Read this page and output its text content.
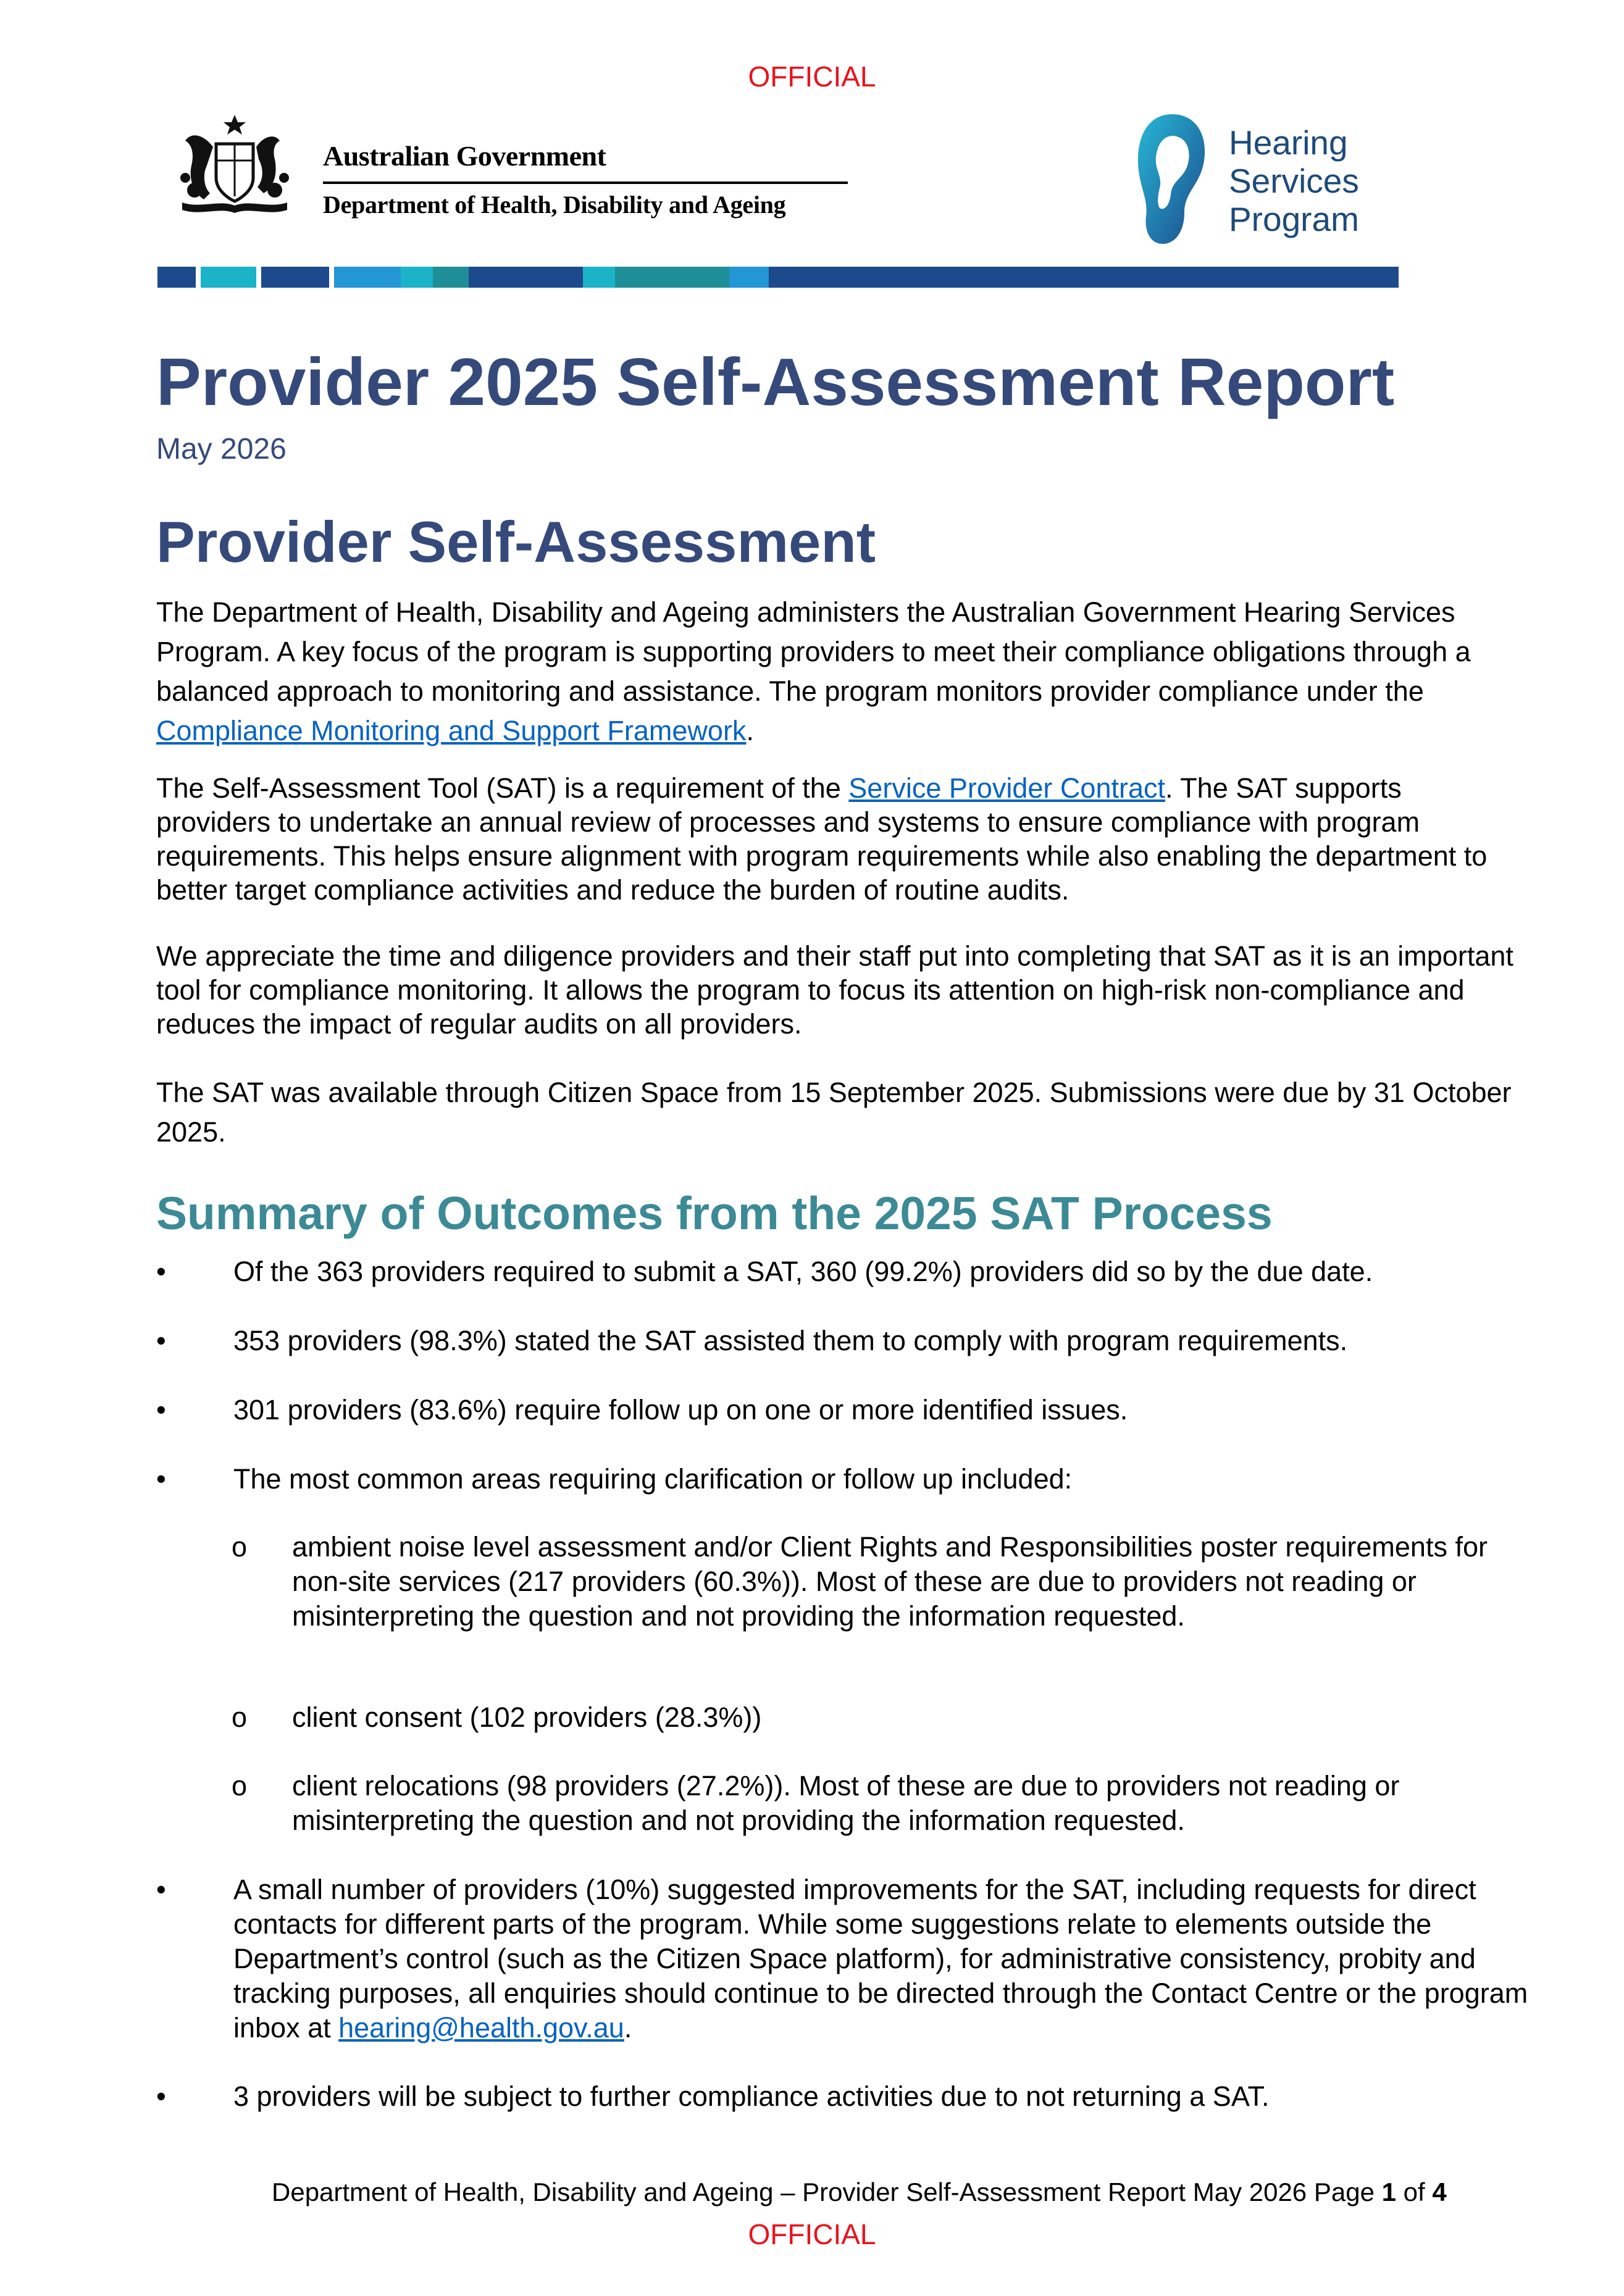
OFFICIAL
Australian Government
Department of Health, Disability and Ageing
Hearing
Services
Program
Provider 2025 Self-Assessment Report
May 2026
Provider Self-Assessment

The Department of Health, Disability and Ageing administers the Australian Government Hearing Services Program. A key focus of the program is supporting providers to meet their compliance obligations through a balanced approach to monitoring and assistance. The program monitors provider compliance under the Compliance Monitoring and Support Framework.

The Self-Assessment Tool (SAT) is a requirement of the Service Provider Contract. The SAT supports providers to undertake an annual review of processes and systems to ensure compliance with program requirements. This helps ensure alignment with program requirements while also enabling the department to better target compliance activities and reduce the burden of routine audits.

We appreciate the time and diligence providers and their staff put into completing that SAT as it is an important tool for compliance monitoring. It allows the program to focus its attention on high-risk non-compliance and reduces the impact of regular audits on all providers.

The SAT was available through Citizen Space from 15 September 2025. Submissions were due by 31 October 2025.

Summary of Outcomes from the 2025 SAT Process
•	Of the 363 providers required to submit a SAT, 360 (99.2%) providers did so by the due date.
•	353 providers (98.3%) stated the SAT assisted them to comply with program requirements.
•	301 providers (83.6%) require follow up on one or more identified issues.
•	The most common areas requiring clarification or follow up included:
o ambient noise level assessment and/or Client Rights and Responsibilities poster requirements for non-site services (217 providers (60.3%)). Most of these are due to providers not reading or misinterpreting the question and not providing the information requested.
o client consent (102 providers (28.3%))
o client relocations (98 providers (27.2%)). Most of these are due to providers not reading or misinterpreting the question and not providing the information requested.
•	A small number of providers (10%) suggested improvements for the SAT, including requests for direct contacts for different parts of the program. While some suggestions relate to elements outside the Department’s control (such as the Citizen Space platform), for administrative consistency, probity and tracking purposes, all enquiries should continue to be directed through the Contact Centre or the program inbox at hearing@health.gov.au.
•	3 providers will be subject to further compliance activities due to not returning a SAT.
Department of Health, Disability and Ageing – Provider Self-Assessment Report May 2026 Page 1 of 4
OFFICIAL
